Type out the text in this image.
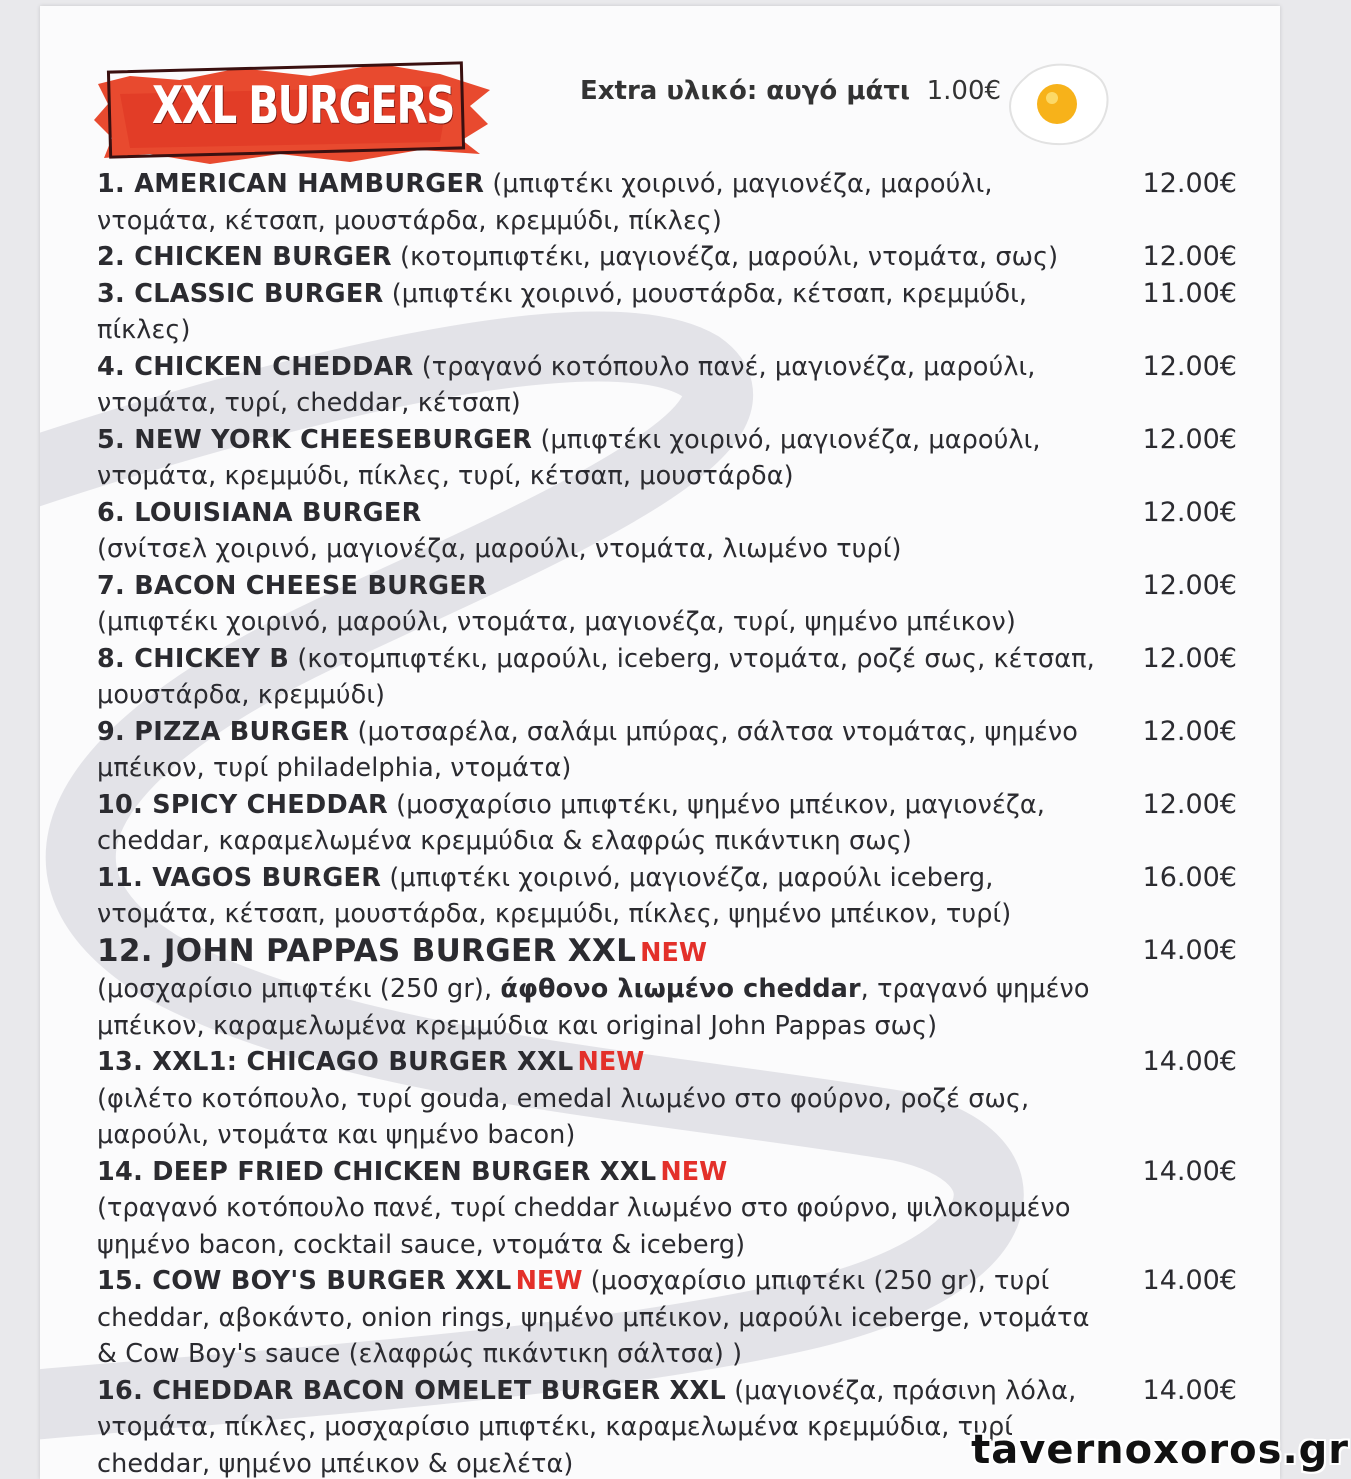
XXL BURGERS	Extra υλικό: αυγό μάτι 1.00€
1. AMERICAN HAMBURGER (μπιφτέκι χοιρινό, μαγιονέζα, μαρούλι, ντομάτα, κέτσαπ, μουστάρδα, κρεμμύδι, πίκλες)
12.00€
2. CHICKEN BURGER (κοτομπιφτέκι, μαγιονέζα, μαρούλι, ντομάτα, σως)	12.00€
3. CLASSIC BURGER (μπιφτέκι χοιρινό, μουστάρδα, κέτσαπ, κρεμμύδι, πίκλες)
11.00€
4. CHICKEN CHEDDAR (τραγανό κοτόπουλο πανέ, μαγιονέζα, μαρούλι, ντομάτα, τυρί, cheddar, κέτσαπ)
12.00€
5. NEW YORK CHEESEBURGER (μπιφτέκι χοιρινό, μαγιονέζα, μαρούλι, ντομάτα, κρεμμύδι, πίκλες, τυρί, κέτσαπ, μουστάρδα)
12.00€
6. LOUISIANA BURGER
(σνίτσελ χοιρινό, μαγιονέζα, μαρούλι, ντομάτα, λιωμένο τυρί)
12.00€
7. BACON CHEESE BURGER
(μπιφτέκι χοιρινό, μαρούλι, ντομάτα, μαγιονέζα, τυρί, ψημένο μπέικον)
12.00€
8. CHICKEY B (κοτομπιφτέκι, μαρούλι, iceberg, ντομάτα, ροζέ σως, κέτσαπ, μουστάρδα, κρεμμύδι)
12.00€
9. PIZZA BURGER (μοτσαρέλα, σαλάμι μπύρας, σάλτσα ντομάτας, ψημένο μπέικον, τυρί philadelphia, ντομάτα)
12.00€
10. SPICY CHEDDAR (μοσχαρίσιο μπιφτέκι, ψημένο μπέικον, μαγιονέζα, cheddar, καραμελωμένα κρεμμύδια & ελαφρώς πικάντικη σως)
12.00€
11. VAGOS BURGER (μπιφτέκι χοιρινό, μαγιονέζα, μαρούλι iceberg, ντομάτα, κέτσαπ, μουστάρδα, κρεμμύδι, πίκλες, ψημένο μπέικον, τυρί)
16.00€
12. JOHN PAPPAS BURGER XXL NEW
(μοσχαρίσιο μπιφτέκι (250 gr), άφθονο λιωμένο cheddar, τραγανό ψημένο μπέικον, καραμελωμένα κρεμμύδια και original John Pappas σως)
14.00€
13. XXL1: CHICAGO BURGER XXL NEW
(φιλέτο κοτόπουλο, τυρί gouda, emedal λιωμένο στο φούρνο, ροζέ σως, μαρούλι, ντομάτα και ψημένο bacon)
14.00€
14. DEEP FRIED CHICKEN BURGER XXL NEW
(τραγανό κοτόπουλο πανέ, τυρί cheddar λιωμένο στο φούρνο, ψιλοκομμένο ψημένο bacon, cocktail sauce, ντομάτα & iceberg)
14.00€
15. COW BOY'S BURGER XXL NEW (μοσχαρίσιο μπιφτέκι (250 gr), τυρί cheddar, αβοκάντο, onion rings, ψημένο μπέικον, μαρούλι iceberge, ντομάτα & Cow Boy's sauce (ελαφρώς πικάντικη σάλτσα) )
14.00€
16. CHEDDAR BACON OMELET BURGER XXL (μαγιονέζα, πράσινη λόλα, ντομάτα, πίκλες, μοσχαρίσιο μπιφτέκι, καραμελωμένα κρεμμύδια, τυρί cheddar, ψημένο μπέικον & ομελέτα)
14.00€
tavernoxoros.gr
